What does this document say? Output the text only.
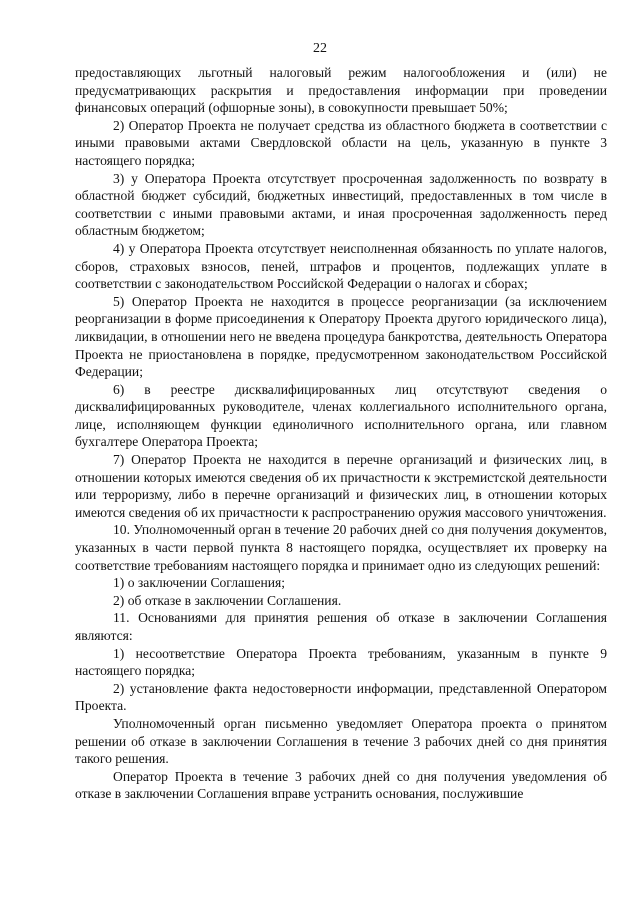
22

предоставляющих льготный налоговый режим налогообложения и (или) не предусматривающих раскрытия и предоставления информации при проведении финансовых операций (офшорные зоны), в совокупности превышает 50%;

2) Оператор Проекта не получает средства из областного бюджета в соответствии с иными правовыми актами Свердловской области на цель, указанную в пункте 3 настоящего порядка;

3) у Оператора Проекта отсутствует просроченная задолженность по возврату в областной бюджет субсидий, бюджетных инвестиций, предоставленных в том числе в соответствии с иными правовыми актами, и иная просроченная задолженность перед областным бюджетом;

4) у Оператора Проекта отсутствует неисполненная обязанность по уплате налогов, сборов, страховых взносов, пеней, штрафов и процентов, подлежащих уплате в соответствии с законодательством Российской Федерации о налогах и сборах;

5) Оператор Проекта не находится в процессе реорганизации (за исключением реорганизации в форме присоединения к Оператору Проекта другого юридического лица), ликвидации, в отношении него не введена процедура банкротства, деятельность Оператора Проекта не приостановлена в порядке, предусмотренном законодательством Российской Федерации;

6) в реестре дисквалифицированных лиц отсутствуют сведения о дисквалифицированных руководителе, членах коллегиального исполнительного органа, лице, исполняющем функции единоличного исполнительного органа, или главном бухгалтере Оператора Проекта;

7) Оператор Проекта не находится в перечне организаций и физических лиц, в отношении которых имеются сведения об их причастности к экстремистской деятельности или терроризму, либо в перечне организаций и физических лиц, в отношении которых имеются сведения об их причастности к распространению оружия массового уничтожения.

10. Уполномоченный орган в течение 20 рабочих дней со дня получения документов, указанных в части первой пункта 8 настоящего порядка, осуществляет их проверку на соответствие требованиям настоящего порядка и принимает одно из следующих решений:

1) о заключении Соглашения;

2) об отказе в заключении Соглашения.

11. Основаниями для принятия решения об отказе в заключении Соглашения являются:

1) несоответствие Оператора Проекта требованиям, указанным в пункте 9 настоящего порядка;

2) установление факта недостоверности информации, представленной Оператором Проекта.

Уполномоченный орган письменно уведомляет Оператора проекта о принятом решении об отказе в заключении Соглашения в течение 3 рабочих дней со дня принятия такого решения.

Оператор Проекта в течение 3 рабочих дней со дня получения уведомления об отказе в заключении Соглашения вправе устранить основания, послужившие
